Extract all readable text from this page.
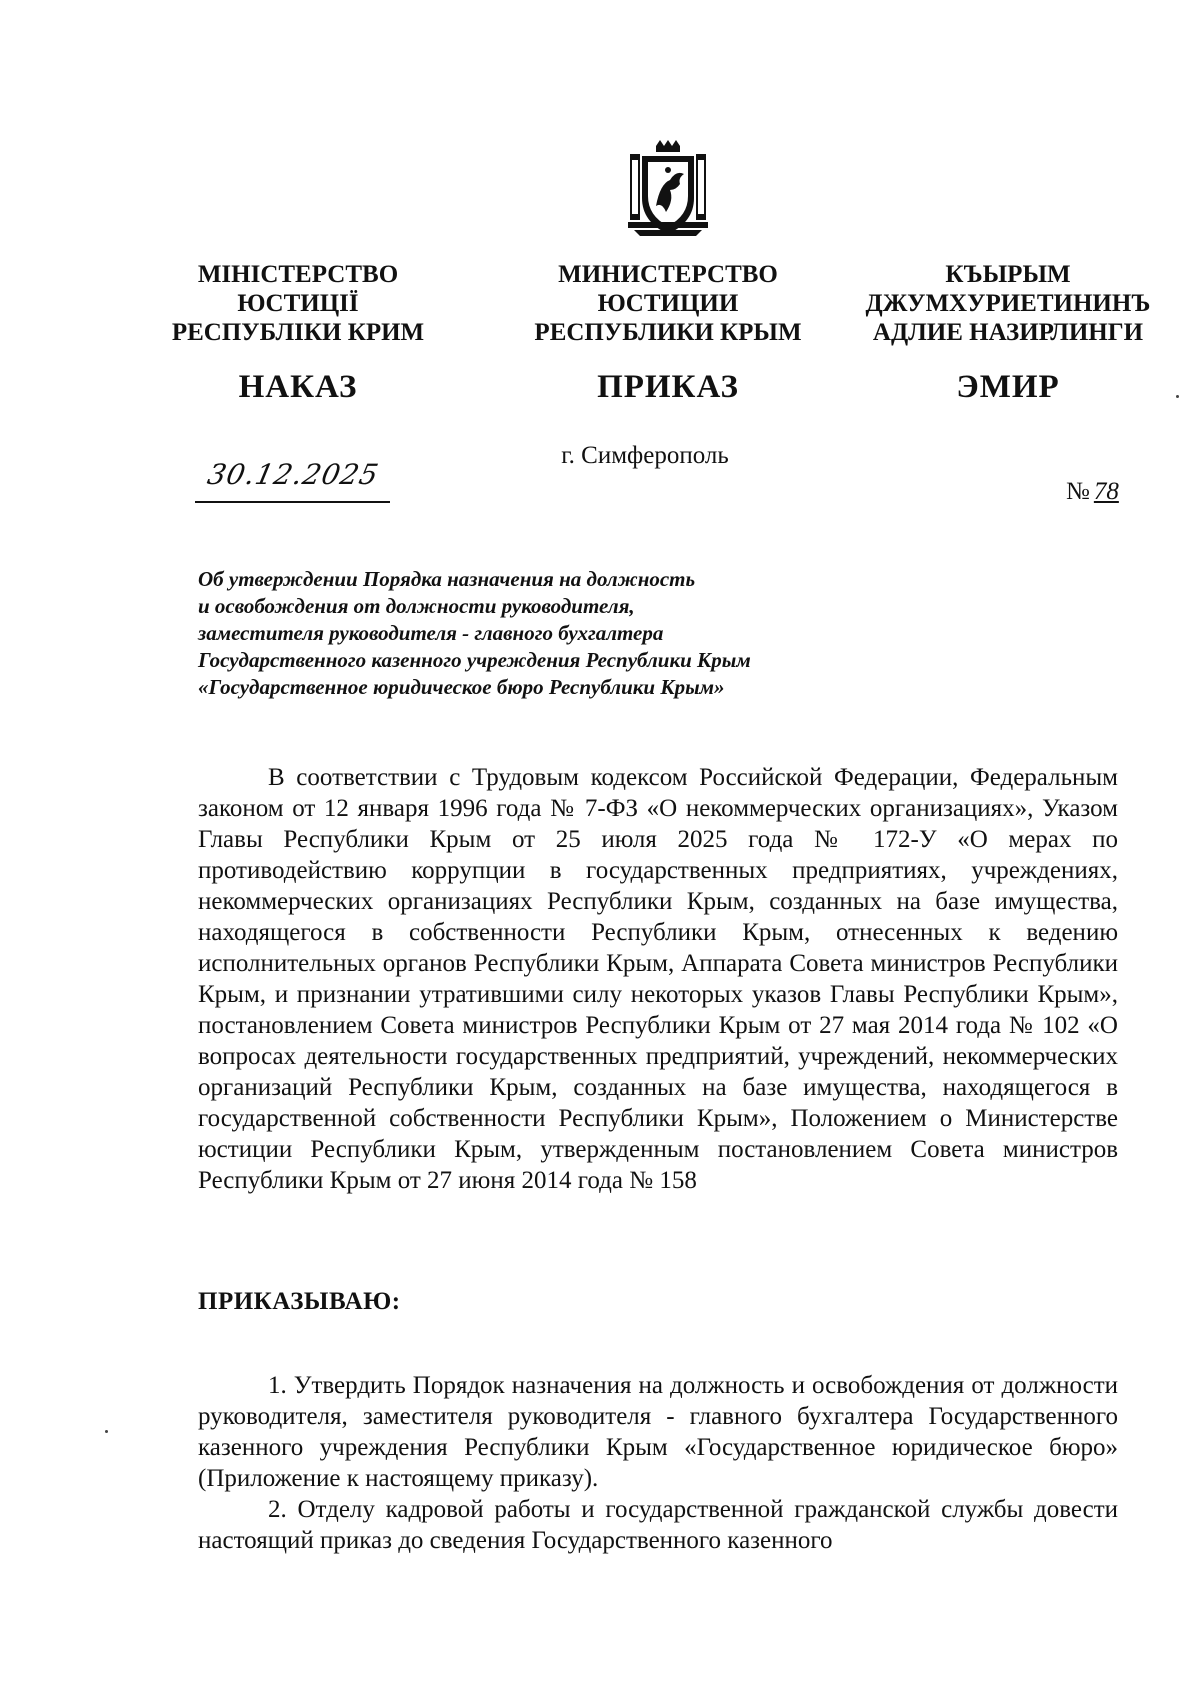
МІНІСТЕРСТВО
ЮСТИЦІЇ
РЕСПУБЛІКИ КРИМ
МИНИСТЕРСТВО
ЮСТИЦИИ
РЕСПУБЛИКИ КРЫМ
КЪЫРЫМ
ДЖУМХУРИЕТИНИНЪ
АДЛИЕ НАЗИРЛИНГИ
НАКАЗ	ПРИКАЗ	ЭМИР
г. Симферополь
30.12.2025
№ 78
Об утверждении Порядка назначения на должность
и освобождения от должности руководителя,
заместителя руководителя - главного бухгалтера
Государственного казенного учреждения Республики Крым
«Государственное юридическое бюро Республики Крым»
В соответствии с Трудовым кодексом Российской Федерации, Федеральным законом от 12 января 1996 года № 7-ФЗ «О некоммерческих организациях», Указом Главы Республики Крым от 25 июля 2025 года № 172-У «О мерах по противодействию коррупции в государственных предприятиях, учреждениях, некоммерческих организациях Республики Крым, созданных на базе имущества, находящегося в собственности Республики Крым, отнесенных к ведению исполнительных органов Республики Крым, Аппарата Совета министров Республики Крым, и признании утратившими силу некоторых указов Главы Республики Крым», постановлением Совета министров Республики Крым от 27 мая 2014 года № 102 «О вопросах деятельности государственных предприятий, учреждений, некоммерческих организаций Республики Крым, созданных на базе имущества, находящегося в государственной собственности Республики Крым», Положением о Министерстве юстиции Республики Крым, утвержденным постановлением Совета министров Республики Крым от 27 июня 2014 года № 158
ПРИКАЗЫВАЮ:
1. Утвердить Порядок назначения на должность и освобождения от должности руководителя, заместителя руководителя - главного бухгалтера Государственного казенного учреждения Республики Крым «Государственное юридическое бюро» (Приложение к настоящему приказу).
2. Отделу кадровой работы и государственной гражданской службы довести настоящий приказ до сведения Государственного казенного
